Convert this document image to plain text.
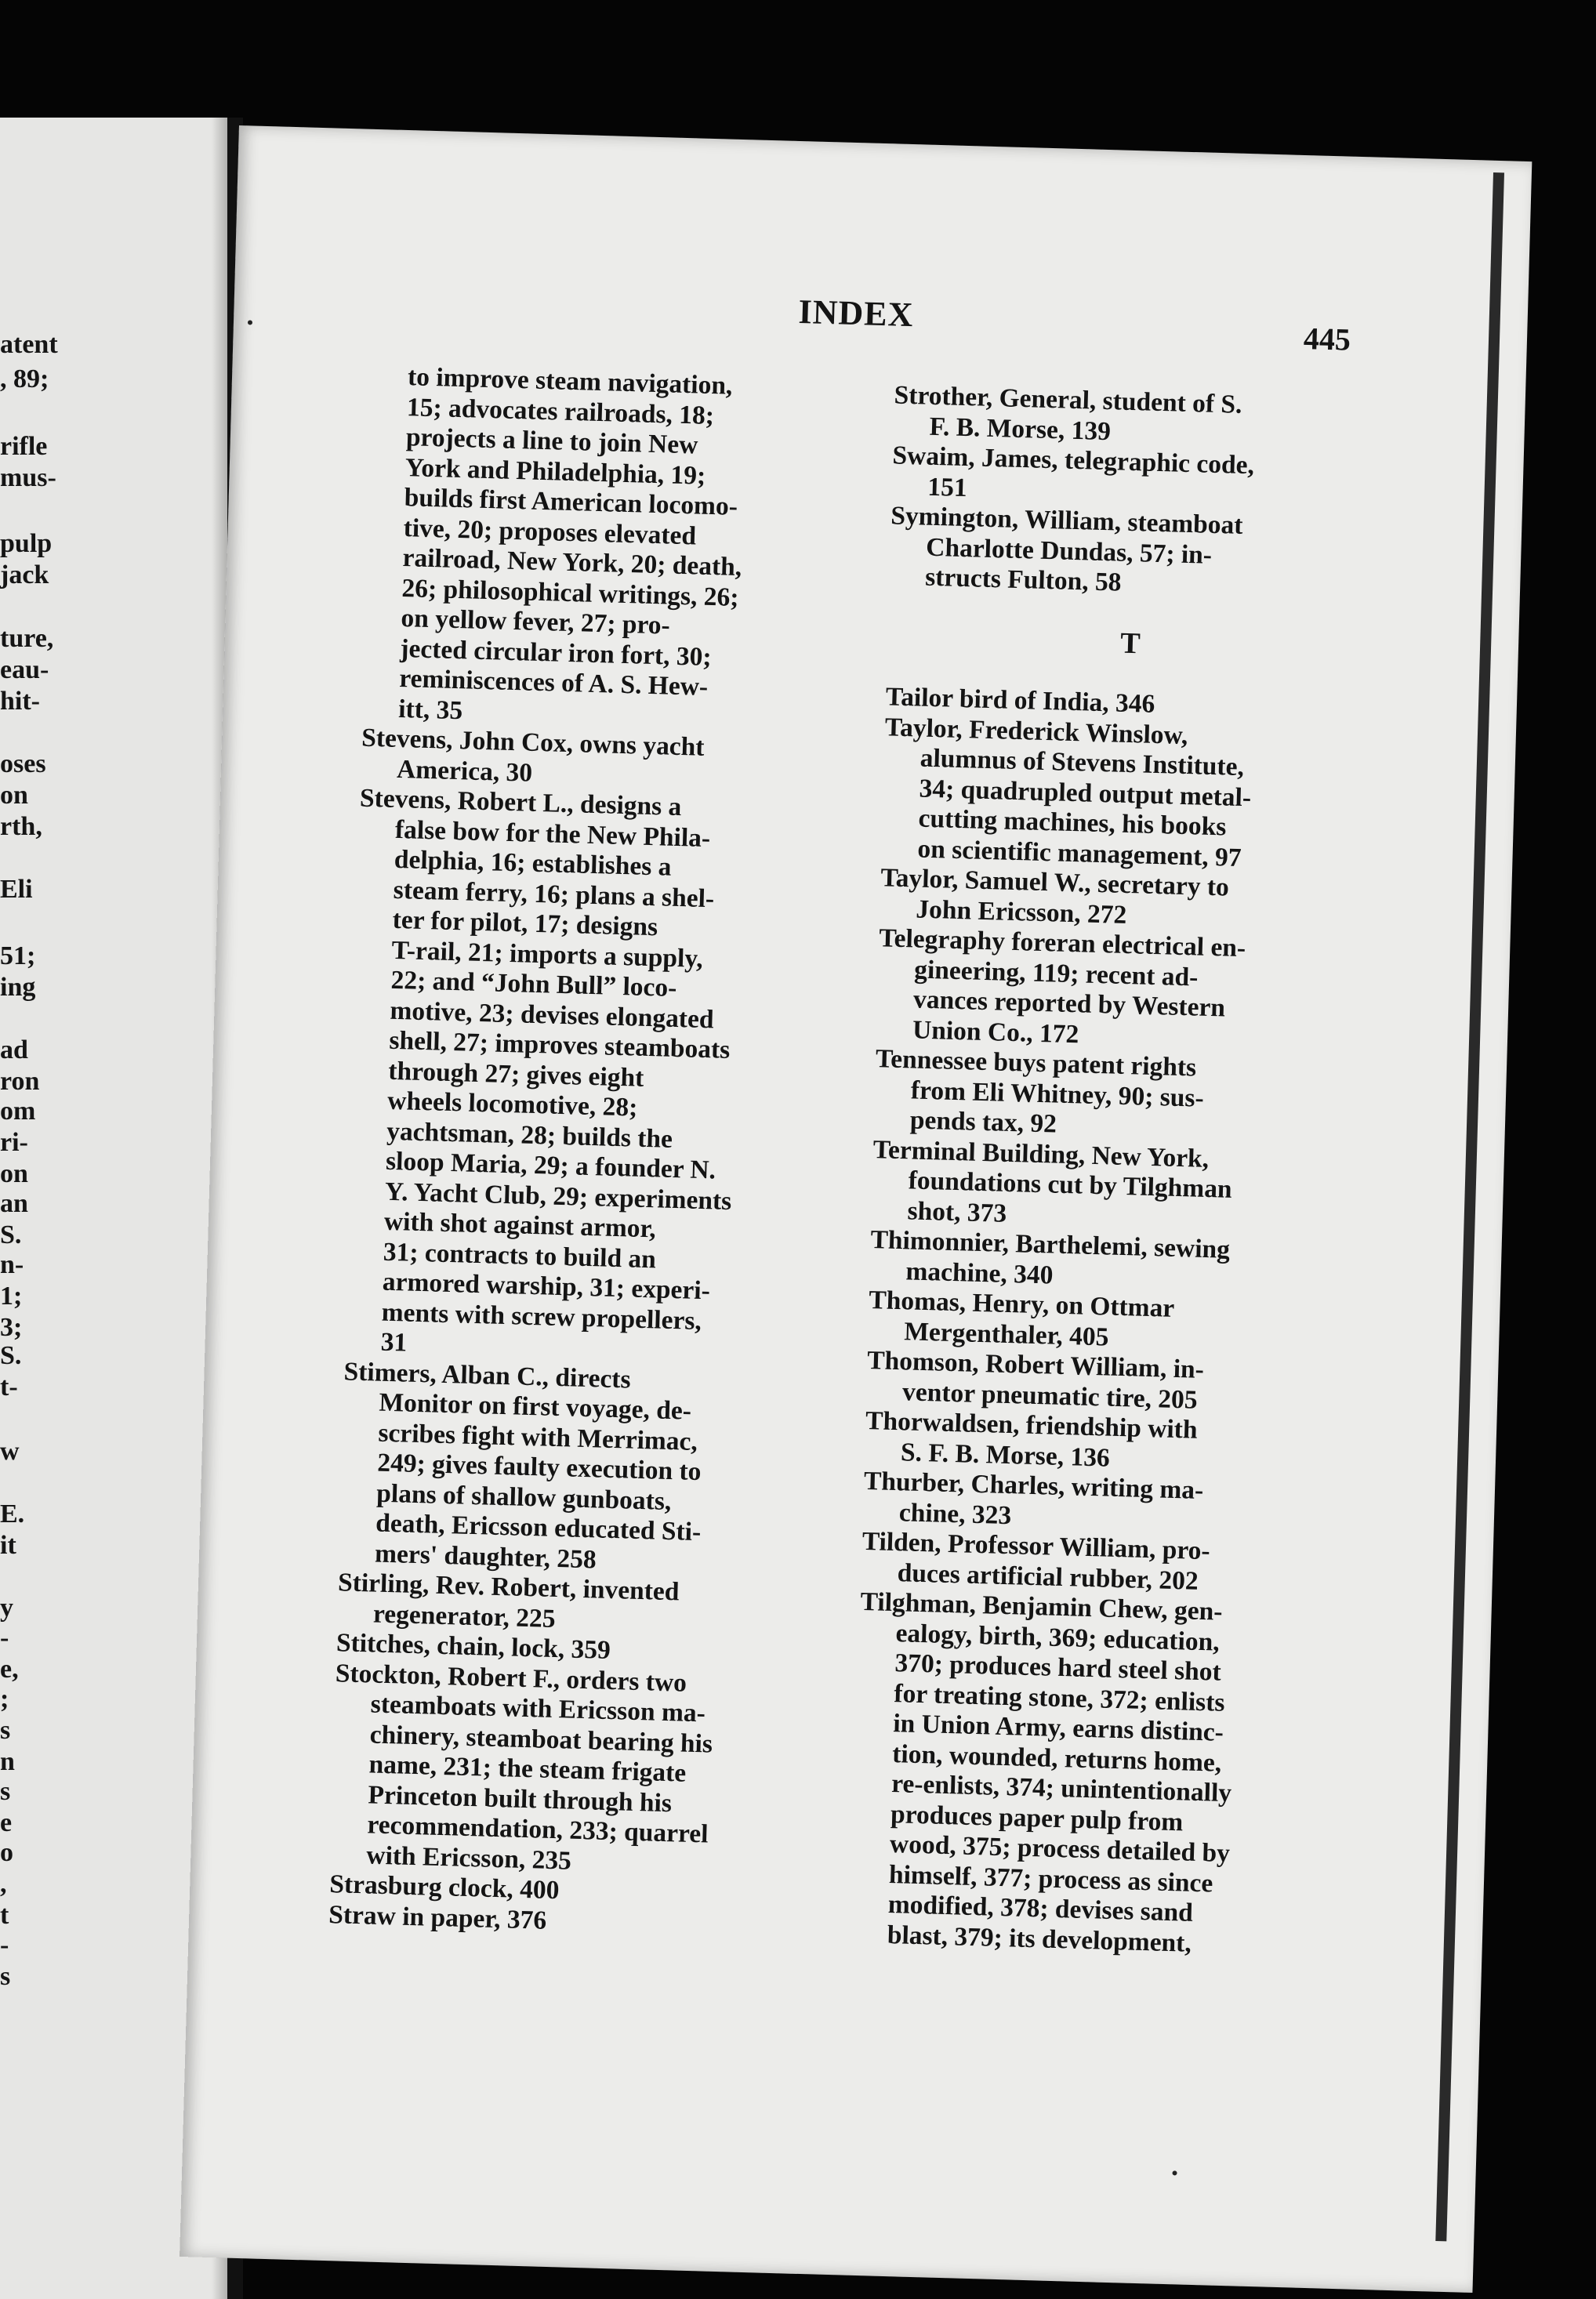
atent
, 89;
rifle
mus-
pulp
jack
ture,
eau-
hit-
oses
on
rth,
Eli
51;
ing
ad
ron
om
ri-
on
an
S.
n-
1;
3;
S.
t-
w
E.
it
y
-
e,
;
s
n
s
e
o
,
t
-
s
INDEX
445
to improve steam navigation,
15; advocates railroads, 18;
projects a line to join New
York and Philadelphia, 19;
builds first American locomo-
tive, 20; proposes elevated
railroad, New York, 20; death,
26; philosophical writings, 26;
on yellow fever, 27; pro-
jected circular iron fort, 30;
reminiscences of A. S. Hew-
itt, 35
Stevens, John Cox, owns yacht
America, 30
Stevens, Robert L., designs a
false bow for the New Phila-
delphia, 16; establishes a
steam ferry, 16; plans a shel-
ter for pilot, 17; designs
T-rail, 21; imports a supply,
22; and “John Bull” loco-
motive, 23; devises elongated
shell, 27; improves steamboats
through 27; gives eight
wheels locomotive, 28;
yachtsman, 28; builds the
sloop Maria, 29; a founder N.
Y. Yacht Club, 29; experiments
with shot against armor,
31; contracts to build an
armored warship, 31; experi-
ments with screw propellers,
31
Stimers, Alban C., directs
Monitor on first voyage, de-
scribes fight with Merrimac,
249; gives faulty execution to
plans of shallow gunboats,
death, Ericsson educated Sti-
mers' daughter, 258
Stirling, Rev. Robert, invented
regenerator, 225
Stitches, chain, lock, 359
Stockton, Robert F., orders two
steamboats with Ericsson ma-
chinery, steamboat bearing his
name, 231; the steam frigate
Princeton built through his
recommendation, 233; quarrel
with Ericsson, 235
Strasburg clock, 400
Straw in paper, 376
Strother, General, student of S.
F. B. Morse, 139
Swaim, James, telegraphic code,
151
Symington, William, steamboat
Charlotte Dundas, 57; in-
structs Fulton, 58
T
Tailor bird of India, 346
Taylor, Frederick Winslow,
alumnus of Stevens Institute,
34; quadrupled output metal-
cutting machines, his books
on scientific management, 97
Taylor, Samuel W., secretary to
John Ericsson, 272
Telegraphy foreran electrical en-
gineering, 119; recent ad-
vances reported by Western
Union Co., 172
Tennessee buys patent rights
from Eli Whitney, 90; sus-
pends tax, 92
Terminal Building, New York,
foundations cut by Tilghman
shot, 373
Thimonnier, Barthelemi, sewing
machine, 340
Thomas, Henry, on Ottmar
Mergenthaler, 405
Thomson, Robert William, in-
ventor pneumatic tire, 205
Thorwaldsen, friendship with
S. F. B. Morse, 136
Thurber, Charles, writing ma-
chine, 323
Tilden, Professor William, pro-
duces artificial rubber, 202
Tilghman, Benjamin Chew, gen-
ealogy, birth, 369; education,
370; produces hard steel shot
for treating stone, 372; enlists
in Union Army, earns distinc-
tion, wounded, returns home,
re-enlists, 374; unintentionally
produces paper pulp from
wood, 375; process detailed by
himself, 377; process as since
modified, 378; devises sand
blast, 379; its development,
